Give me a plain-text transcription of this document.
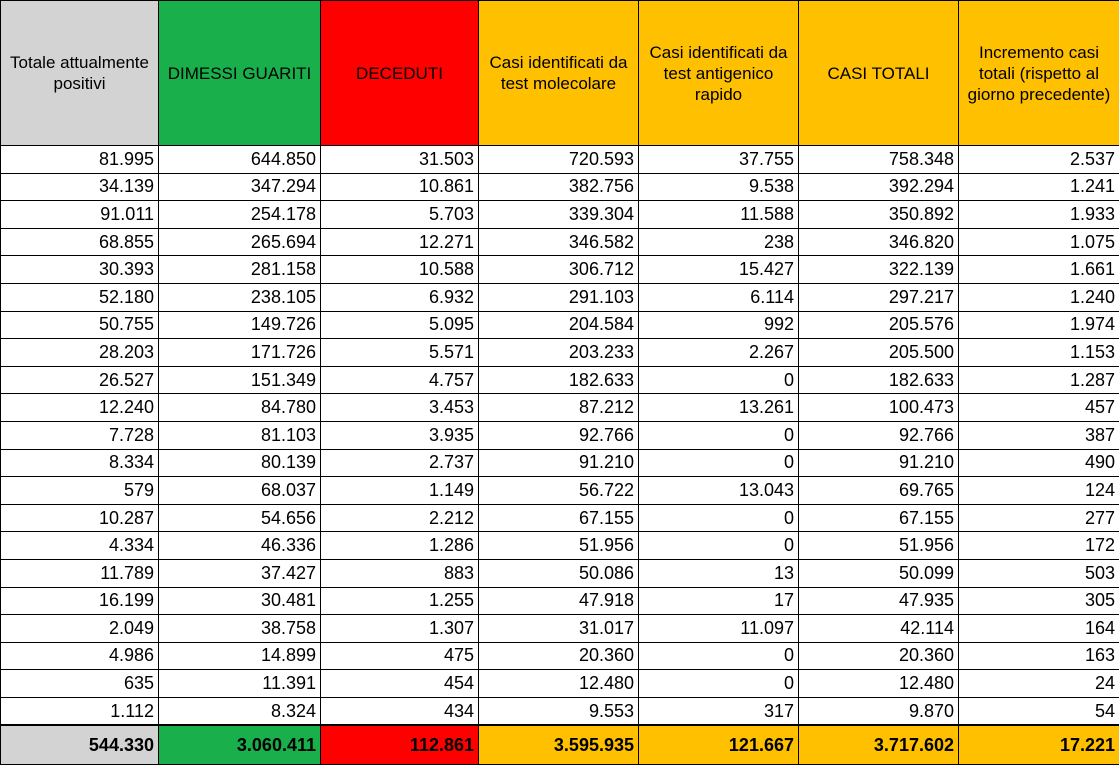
Totale attualmente positivi	DIMESSI GUARITI	DECEDUTI	Casi identificati da test molecolare	Casi identificati da test antigenico rapido	CASI TOTALI	Incremento casi totali (rispetto al giorno precedente)
81.995	644.850	31.503	720.593	37.755	758.348	2.537
34.139	347.294	10.861	382.756	9.538	392.294	1.241
91.011	254.178	5.703	339.304	11.588	350.892	1.933
68.855	265.694	12.271	346.582	238	346.820	1.075
30.393	281.158	10.588	306.712	15.427	322.139	1.661
52.180	238.105	6.932	291.103	6.114	297.217	1.240
50.755	149.726	5.095	204.584	992	205.576	1.974
28.203	171.726	5.571	203.233	2.267	205.500	1.153
26.527	151.349	4.757	182.633	0	182.633	1.287
12.240	84.780	3.453	87.212	13.261	100.473	457
7.728	81.103	3.935	92.766	0	92.766	387
8.334	80.139	2.737	91.210	0	91.210	490
579	68.037	1.149	56.722	13.043	69.765	124
10.287	54.656	2.212	67.155	0	67.155	277
4.334	46.336	1.286	51.956	0	51.956	172
11.789	37.427	883	50.086	13	50.099	503
16.199	30.481	1.255	47.918	17	47.935	305
2.049	38.758	1.307	31.017	11.097	42.114	164
4.986	14.899	475	20.360	0	20.360	163
635	11.391	454	12.480	0	12.480	24
1.112	8.324	434	9.553	317	9.870	54
544.330	3.060.411	112.861	3.595.935	121.667	3.717.602	17.221
